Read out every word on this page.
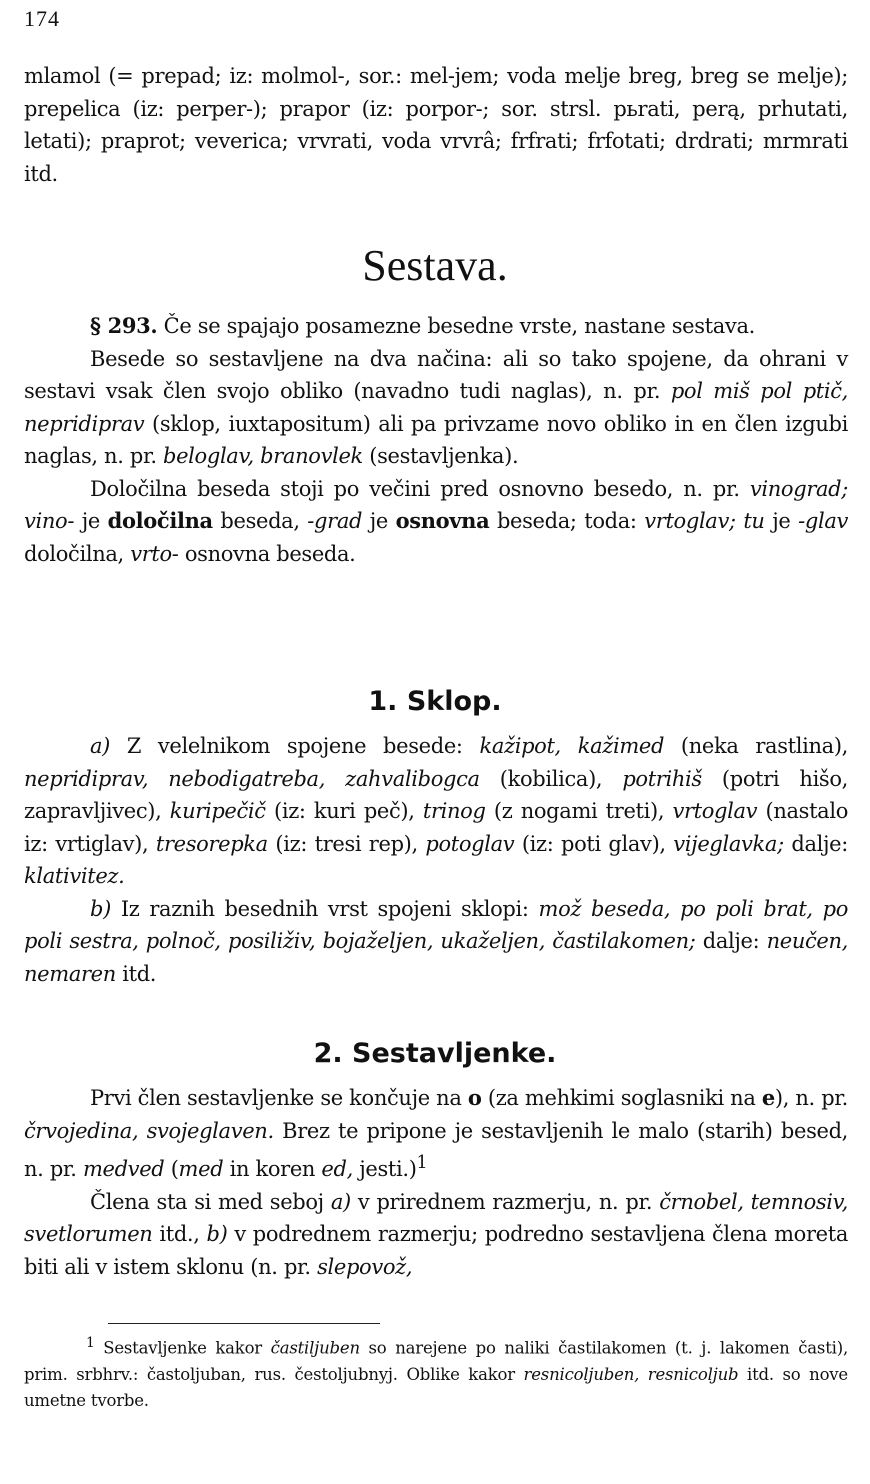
174

mlamol (= prepad; iz: molmol-, sor.: mel-jem; voda melje breg, breg se melje); prepelica (iz: perper-); prapor (iz: porpor-; sor. strsl. pьrati, perą, prhutati, letati); praprot; veverica; vrvrati, voda vrvrâ; frfrati; frfotati; drdrati; mrmrati itd.

Sestava.

§ 293. Če se spajajo posamezne besedne vrste, nastane sestava.

Besede so sestavljene na dva načina: ali so tako spojene, da ohrani v sestavi vsak člen svojo obliko (navadno tudi naglas), n. pr. pol miš pol ptič, nepridiprav (sklop, iuxtapositum) ali pa privzame novo obliko in en člen izgubi naglas, n. pr. beloglav, branovlek (sestavljenka).

Določilna beseda stoji po večini pred osnovno besedo, n. pr. vinograd; vino- je določilna beseda, -grad je osnovna beseda; toda: vrtoglav; tu je -glav določilna, vrto- osnovna beseda.

1. Sklop.

a) Z velelnikom spojene besede: kažipot, kažimed (neka rastlina), nepridiprav, nebodigatreba, zahvalibogca (kobilica), potrihiš (potri hišo, zapravljivec), kuripečič (iz: kuri peč), trinog (z nogami treti), vrtoglav (nastalo iz: vrtiglav), tresorepka (iz: tresi rep), potoglav (iz: poti glav), vijeglavka; dalje: klativitez.

b) Iz raznih besednih vrst spojeni sklopi: mož beseda, po poli brat, po poli sestra, polnoč, posiliživ, bojaželjen, ukaželjen, častilakomen; dalje: neučen, nemaren itd.

2. Sestavljenke.

Prvi člen sestavljenke se končuje na o (za mehkimi soglasniki na e), n. pr. črvojedina, svojeglaven. Brez te pripone je sestavljenih le malo (starih) besed, n. pr. medved (med in koren ed, jesti.)$^1$

Člena sta si med seboj a) v prirednem razmerju, n. pr. črnobel, temnosiv, svetlorumen itd., b) v podrednem razmerju; podredno sestavljena člena moreta biti ali v istem sklonu (n. pr. slepovož,

$^1$ Sestavljenke kakor častiljuben so narejene po naliki častilakomen (t. j. lakomen časti), prim. srbhrv.: častoljuban, rus. čestoljubnyj. Oblike kakor resnicoljuben, resnicoljub itd. so nove umetne tvorbe.
